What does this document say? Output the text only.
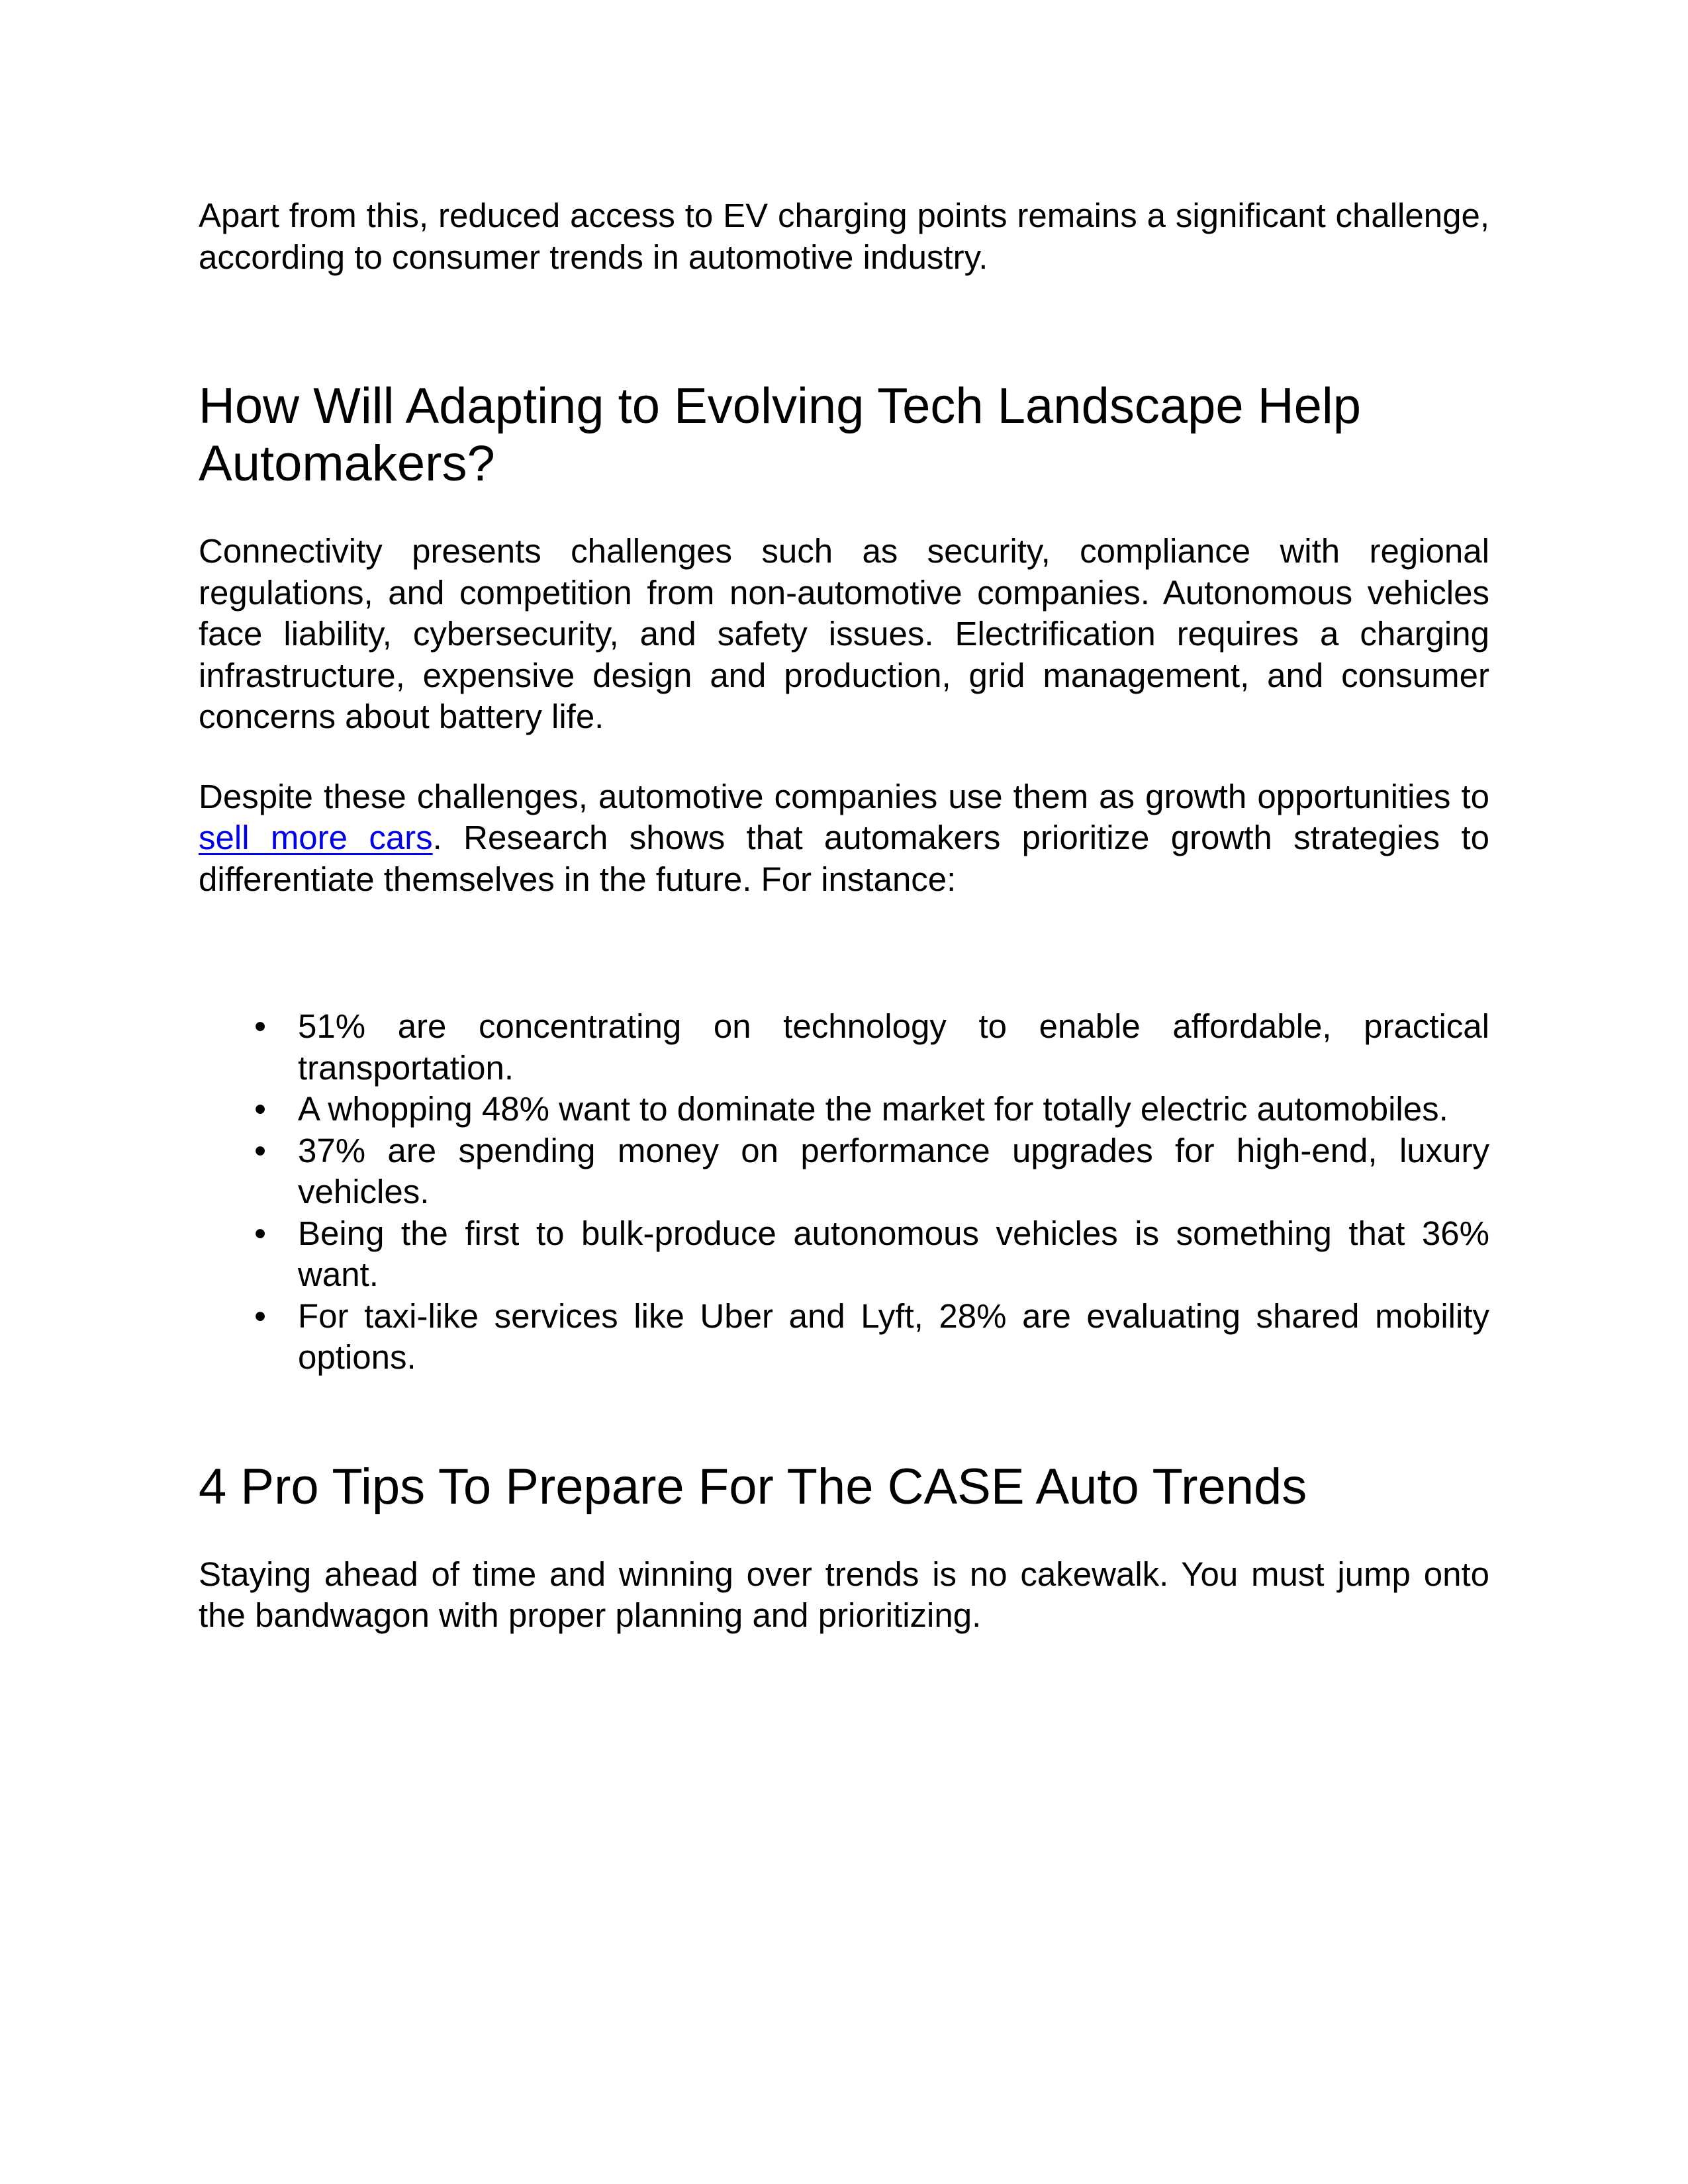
Apart from this, reduced access to EV charging points remains a significant challenge, according to consumer trends in automotive industry.

How Will Adapting to Evolving Tech Landscape Help Automakers?

Connectivity presents challenges such as security, compliance with regional regulations, and competition from non-automotive companies. Autonomous vehicles face liability, cybersecurity, and safety issues. Electrification requires a charging infrastructure, expensive design and production, grid management, and consumer concerns about battery life.

Despite these challenges, automotive companies use them as growth opportunities to sell more cars. Research shows that automakers prioritize growth strategies to differentiate themselves in the future. For instance:

• 51% are concentrating on technology to enable affordable, practical transportation.
• A whopping 48% want to dominate the market for totally electric automobiles.
• 37% are spending money on performance upgrades for high-end, luxury vehicles.
• Being the first to bulk-produce autonomous vehicles is something that 36% want.
• For taxi-like services like Uber and Lyft, 28% are evaluating shared mobility options.
4 Pro Tips To Prepare For The CASE Auto Trends

Staying ahead of time and winning over trends is no cakewalk. You must jump onto the bandwagon with proper planning and prioritizing.
